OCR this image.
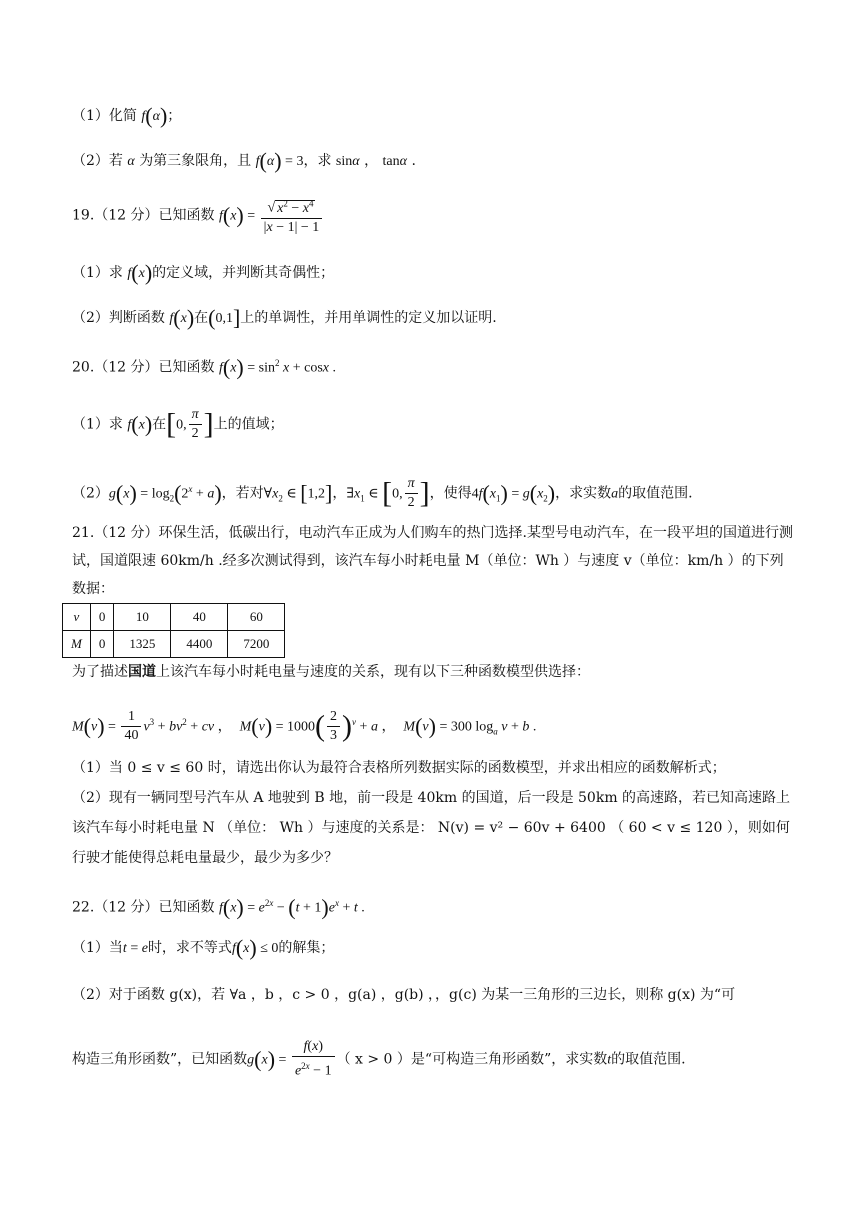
（1）化简 f(α)；
（2）若 α 为第三象限角，且 f(α) = 3，求 sinα ， tanα .
19.（12 分）已知函数 $f(x) = \frac{√ x^2 - x^4}{|x - 1| - 1}$
（1）求 f(x)的定义域，并判断其奇偶性；
（2）判断函数 f(x)在(0,1]上的单调性，并用单调性的定义加以证明.
20.（12 分）已知函数 $f(x) = \sin^2 x + \cos x$ .
（1）求 f(x)在[0, $\frac{\pi}{2}$ ]上的值域；
$(2)g(x) = \log_2(2^x + a)$，若对$\forall x_2$ ∈ [1,2]，$\exists x_1$ ∈ [0, $\frac{\pi}{2}$ ]，使得$4f(x_1) = g(x_2)$，求实数a的取值范围.
21.（12 分）环保生活，低碳出行，电动汽车正成为人们购车的热门选择.某型号电动汽车，在一段平坦的国道进行测试，国道限速 60km/h .经多次测试得到，该汽车每小时耗电量 M（单位：Wh ）与速度 v（单位：km/h ）的下列数据：
v	0	10	40	60
M	0	1325	4400	7200
为了描述国道上该汽车每小时耗电量与速度的关系，现有以下三种函数模型供选择：
$M(v) = \frac{1}{40} v^3 + bv^2$ + cv ，  $M(v) = 1000( \frac{2}{3} )^v + a$ ，  M(v) = 300 $\log_a v + b$ .
（1）当 0 ≤ v ≤ 60 时，请选出你认为最符合表格所列数据实际的函数模型，并求出相应的函数解析式；
（2）现有一辆同型号汽车从 A 地驶到 B 地，前一段是 40km 的国道，后一段是 50km 的高速路，若已知高速路上该汽车每小时耗电量 N （单位： Wh ）与速度的关系是： N(v) = v² − 60v + 6400 （ 60 < v ≤ 120 ），则如何行驶才能使得总耗电量最少，最少为多少？
22.（12 分）已知函数 $f(x) = e^{2x} - (t + 1)e^x + t$ .
（1）当t = e时，求不等式f(x) ≤ 0的解集；
（2）对于函数 g(x)，若 ∀a ，b ，c > 0 ，g(a) ，g(b) ，，g(c) 为某一三角形的三边长，则称 g(x) 为“可
构造三角形函数”，已知函数$g(x) = \frac{f(x)}{e^{2x} - 1}$ （ x > 0 ）是“可构造三角形函数”，求实数t的取值范围.
